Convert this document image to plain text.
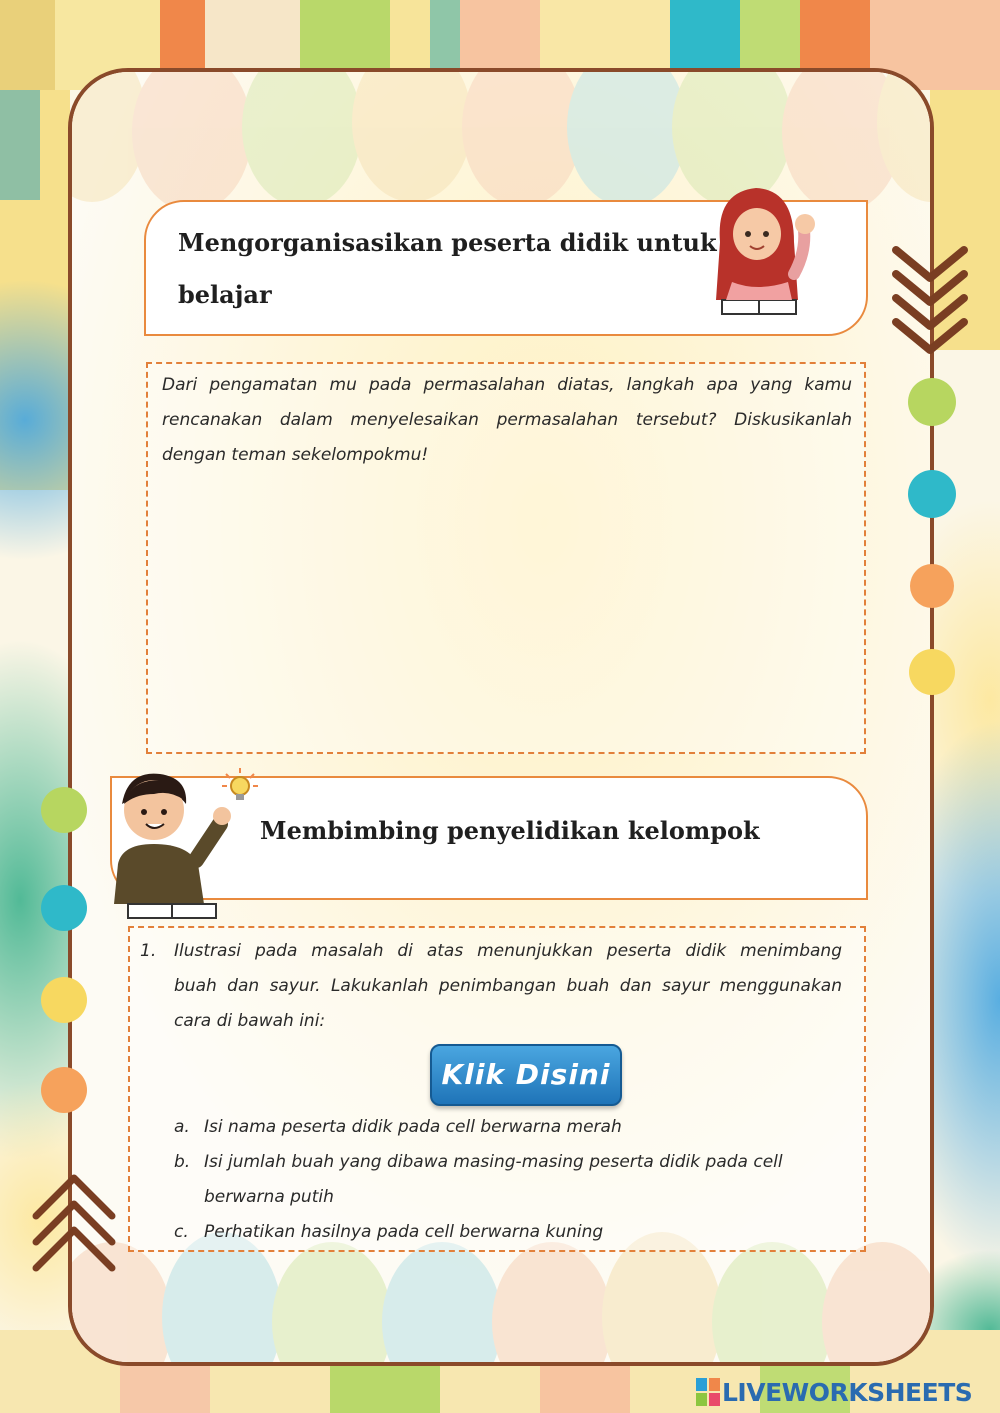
Mengorganisasikan peserta didik untuk
belajar
Dari pengamatan mu pada permasalahan diatas, langkah apa yang kamu
rencanakan dalam menyelesaikan permasalahan tersebut? Diskusikanlah
dengan teman sekelompokmu!
Membimbing penyelidikan kelompok
1. Ilustrasi pada masalah di atas menunjukkan peserta didik menimbang
buah dan sayur. Lakukanlah penimbangan buah dan sayur menggunakan
cara di bawah ini:
Klik Disini
a. Isi nama peserta didik pada cell berwarna merah
b. Isi jumlah buah yang dibawa masing-masing peserta didik pada cell
berwarna putih
c. Perhatikan hasilnya pada cell berwarna kuning
LIVEWORKSHEETS
